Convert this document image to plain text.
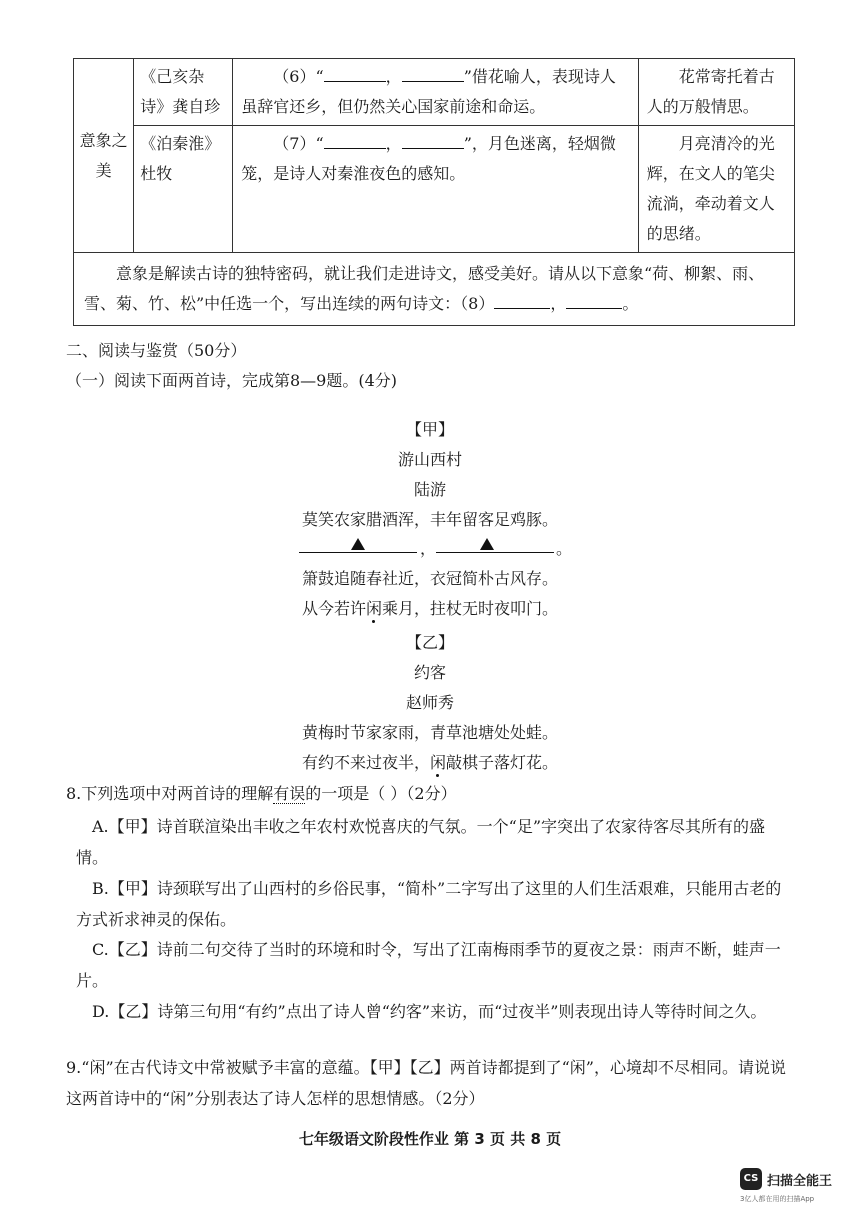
意象之美	《己亥杂诗》龚自珍	（6）“ ， ”借花喻人，表现诗人虽辞官还乡，但仍然关心国家前途和命运。	花常寄托着古人的万般情思。
	《泊秦淮》杜牧	（7）“ ， ”，月色迷离，轻烟微笼，是诗人对秦淮夜色的感知。	月亮清冷的光辉，在文人的笔尖流淌，牵动着文人的思绪。
意象是解读古诗的独特密码，就让我们走进诗文，感受美好。请从以下意象“荷、柳絮、雨、雪、菊、竹、松”中任选一个，写出连续的两句诗文：（8） ， 。			
二、阅读与鉴赏（50分）
（一）阅读下面两首诗，完成第8—9题。(4分)
【甲】
游山西村
陆游
莫笑农家腊酒浑，丰年留客足鸡豚。
，	。
箫鼓追随春社近，衣冠简朴古风存。
从今若许闲乘月，拄杖无时夜叩门。
【乙】
约客
赵师秀
黄梅时节家家雨，青草池塘处处蛙。
有约不来过夜半，闲敲棋子落灯花。
8.下列选项中对两首诗的理解有误的一项是（ ）（2分）
A.【甲】诗首联渲染出丰收之年农村欢悦喜庆的气氛。一个“足”字突出了农家待客尽其所有的盛情。
B.【甲】诗颈联写出了山西村的乡俗民事，“简朴”二字写出了这里的人们生活艰难，只能用古老的方式祈求神灵的保佑。
C.【乙】诗前二句交待了当时的环境和时令，写出了江南梅雨季节的夏夜之景：雨声不断，蛙声一片。
D.【乙】诗第三句用“有约”点出了诗人曾“约客”来访，而“过夜半”则表现出诗人等待时间之久。
9.“闲”在古代诗文中常被赋予丰富的意蕴。【甲】【乙】两首诗都提到了“闲”，心境却不尽相同。请说说这两首诗中的“闲”分别表达了诗人怎样的思想情感。（2分）
七年级语文阶段性作业 第 3 页 共 8 页
CS 扫描全能王
3亿人都在用的扫描App
